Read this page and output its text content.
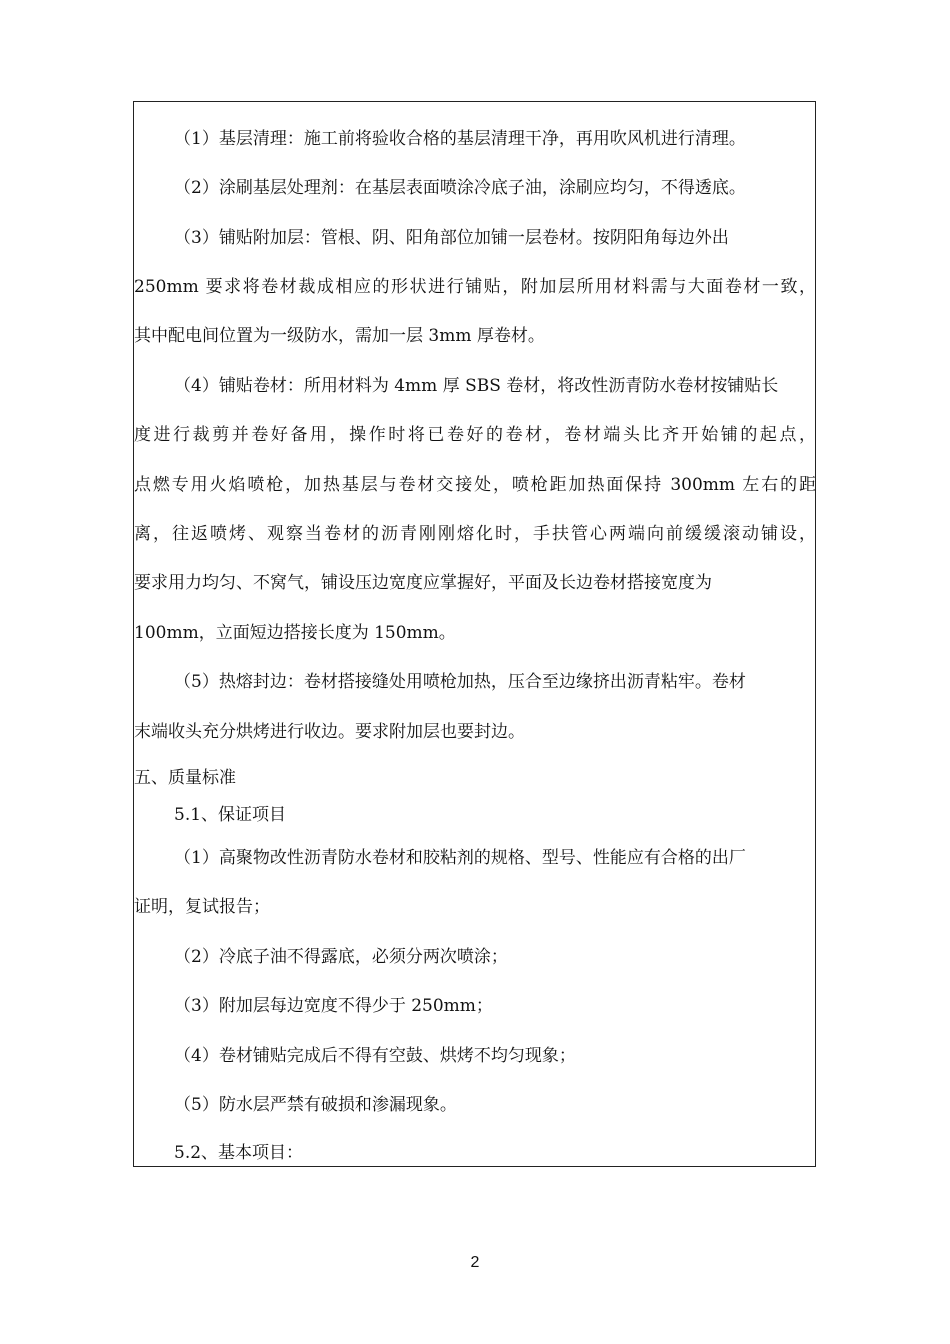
（1）基层清理：施工前将验收合格的基层清理干净，再用吹风机进行清理。
（2）涂刷基层处理剂：在基层表面喷涂冷底子油，涂刷应均匀，不得透底。
（3）铺贴附加层：管根、阴、阳角部位加铺一层卷材。按阴阳角每边外出
250mm 要求将卷材裁成相应的形状进行铺贴，附加层所用材料需与大面卷材一致，
其中配电间位置为一级防水，需加一层 3mm 厚卷材。
（4）铺贴卷材：所用材料为 4mm 厚 SBS 卷材，将改性沥青防水卷材按铺贴长
度进行裁剪并卷好备用，操作时将已卷好的卷材，卷材端头比齐开始铺的起点，
点燃专用火焰喷枪，加热基层与卷材交接处，喷枪距加热面保持 300mm 左右的距
离，往返喷烤、观察当卷材的沥青刚刚熔化时，手扶管心两端向前缓缓滚动铺设，
要求用力均匀、不窝气，铺设压边宽度应掌握好，平面及长边卷材搭接宽度为
100mm，立面短边搭接长度为 150mm。
（5）热熔封边：卷材搭接缝处用喷枪加热，压合至边缘挤出沥青粘牢。卷材
末端收头充分烘烤进行收边。要求附加层也要封边。
五、质量标准
5.1、保证项目
（1）高聚物改性沥青防水卷材和胶粘剂的规格、型号、性能应有合格的出厂
证明，复试报告；
（2）冷底子油不得露底，必须分两次喷涂；
（3）附加层每边宽度不得少于 250mm；
（4）卷材铺贴完成后不得有空鼓、烘烤不均匀现象；
（5）防水层严禁有破损和渗漏现象。
5.2、基本项目：
2
